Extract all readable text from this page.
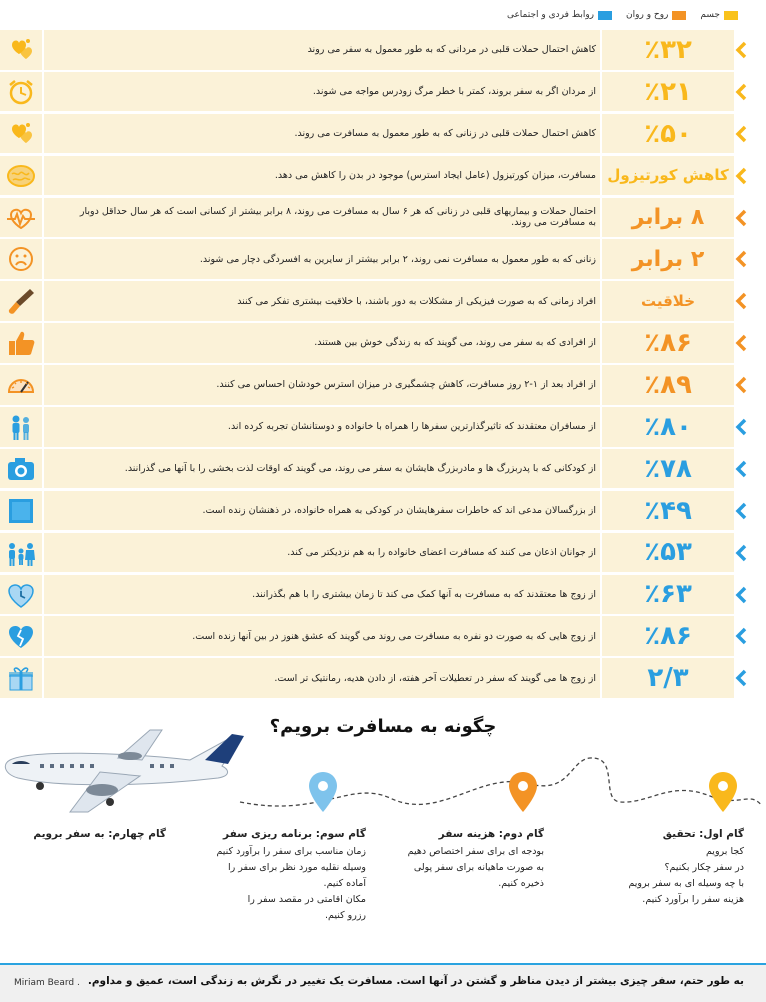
جسم
روح و روان
روابط فردی و اجتماعی
کاهش احتمال حملات قلبی در مردانی که به طور معمول به سفر می روند	٪۳۲
از مردان اگر به سفر بروند، کمتر با خطر مرگ زودرس مواجه می شوند.	٪۲۱
کاهش احتمال حملات قلبی در زنانی که به طور معمول به مسافرت می روند.	٪۵۰
مسافرت، میزان کورتیزول (عامل ایجاد استرس) موجود در بدن را کاهش می دهد. کاهش کورتیزول
احتمال حملات و بیماریهای قلبی در زنانی که هر ۶ سال به مسافرت می روند، ۸ برابر بیشتر از کسانی است که هر سال حداقل دوبار به مسافرت می روند.	۸ برابر
زنانی که به طور معمول به مسافرت نمی روند، ۲ برابر بیشتر از سایرین به افسردگی دچار می شوند.	۲ برابر
افراد زمانی که به صورت فیزیکی از مشکلات به دور باشند، با خلاقیت بیشتری تفکر می کنند	خلاقیت
از افرادی که به سفر می روند، می گویند که به زندگی خوش بین هستند.	٪۸۶
از افراد بعد از ۱-۲ روز مسافرت، کاهش چشمگیری در میزان استرس خودشان احساس می کنند.	٪۸۹
از مسافران معتقدند که تاثیرگذارترین سفرها را همراه با خانواده و دوستانشان تجربه کرده اند.	٪۸۰
از کودکانی که با پدربزرگ ها و مادربزرگ هایشان به سفر می روند، می گویند که اوقات لذت بخشی را با آنها می گذرانند.	٪۷۸
از بزرگسالان مدعی اند که خاطرات سفرهایشان در کودکی به همراه خانواده، در ذهنشان زنده است.	٪۴۹
از جوانان اذعان می کنند که مسافرت اعضای خانواده را به هم نزدیکتر می کند.	٪۵۳
از زوج ها معتقدند که به مسافرت به آنها کمک می کند تا زمان بیشتری را با هم بگذرانند.	٪۶۳
از زوج هایی که به صورت دو نفره به مسافرت می روند می گویند که عشق هنوز در بین آنها زنده است.	٪۸۶
از زوج ها می گویند که سفر در تعطیلات آخر هفته، از دادن هدیه، رمانتیک تر است.	۲/۳
چگونه به مسافرت برویم؟
گام اول: تحقیق
کجا برویم
در سفر چکار بکنیم؟
با چه وسیله ای به سفر برویم
هزینه سفر را برآورد کنیم.
گام دوم: هزینه سفر
بودجه ای برای سفر اختصاص دهیم
به صورت ماهیانه برای سفر پولی
ذخیره کنیم.
گام سوم: برنامه ریزی سفر
زمان مناسب برای سفر را برآورد کنیم
وسیله نقلیه مورد نظر برای سفر را
آماده کنیم.
مکان اقامتی در مقصد سفر را
رزرو کنیم.
گام چهارم: به سفر برویم
به طور حتم، سفر چیزی بیشتر از دیدن مناظر و گشتن در آنها است. مسافرت یک تغییر در نگرش به زندگی است، عمیق و مداوم.
Miriam Beard .
